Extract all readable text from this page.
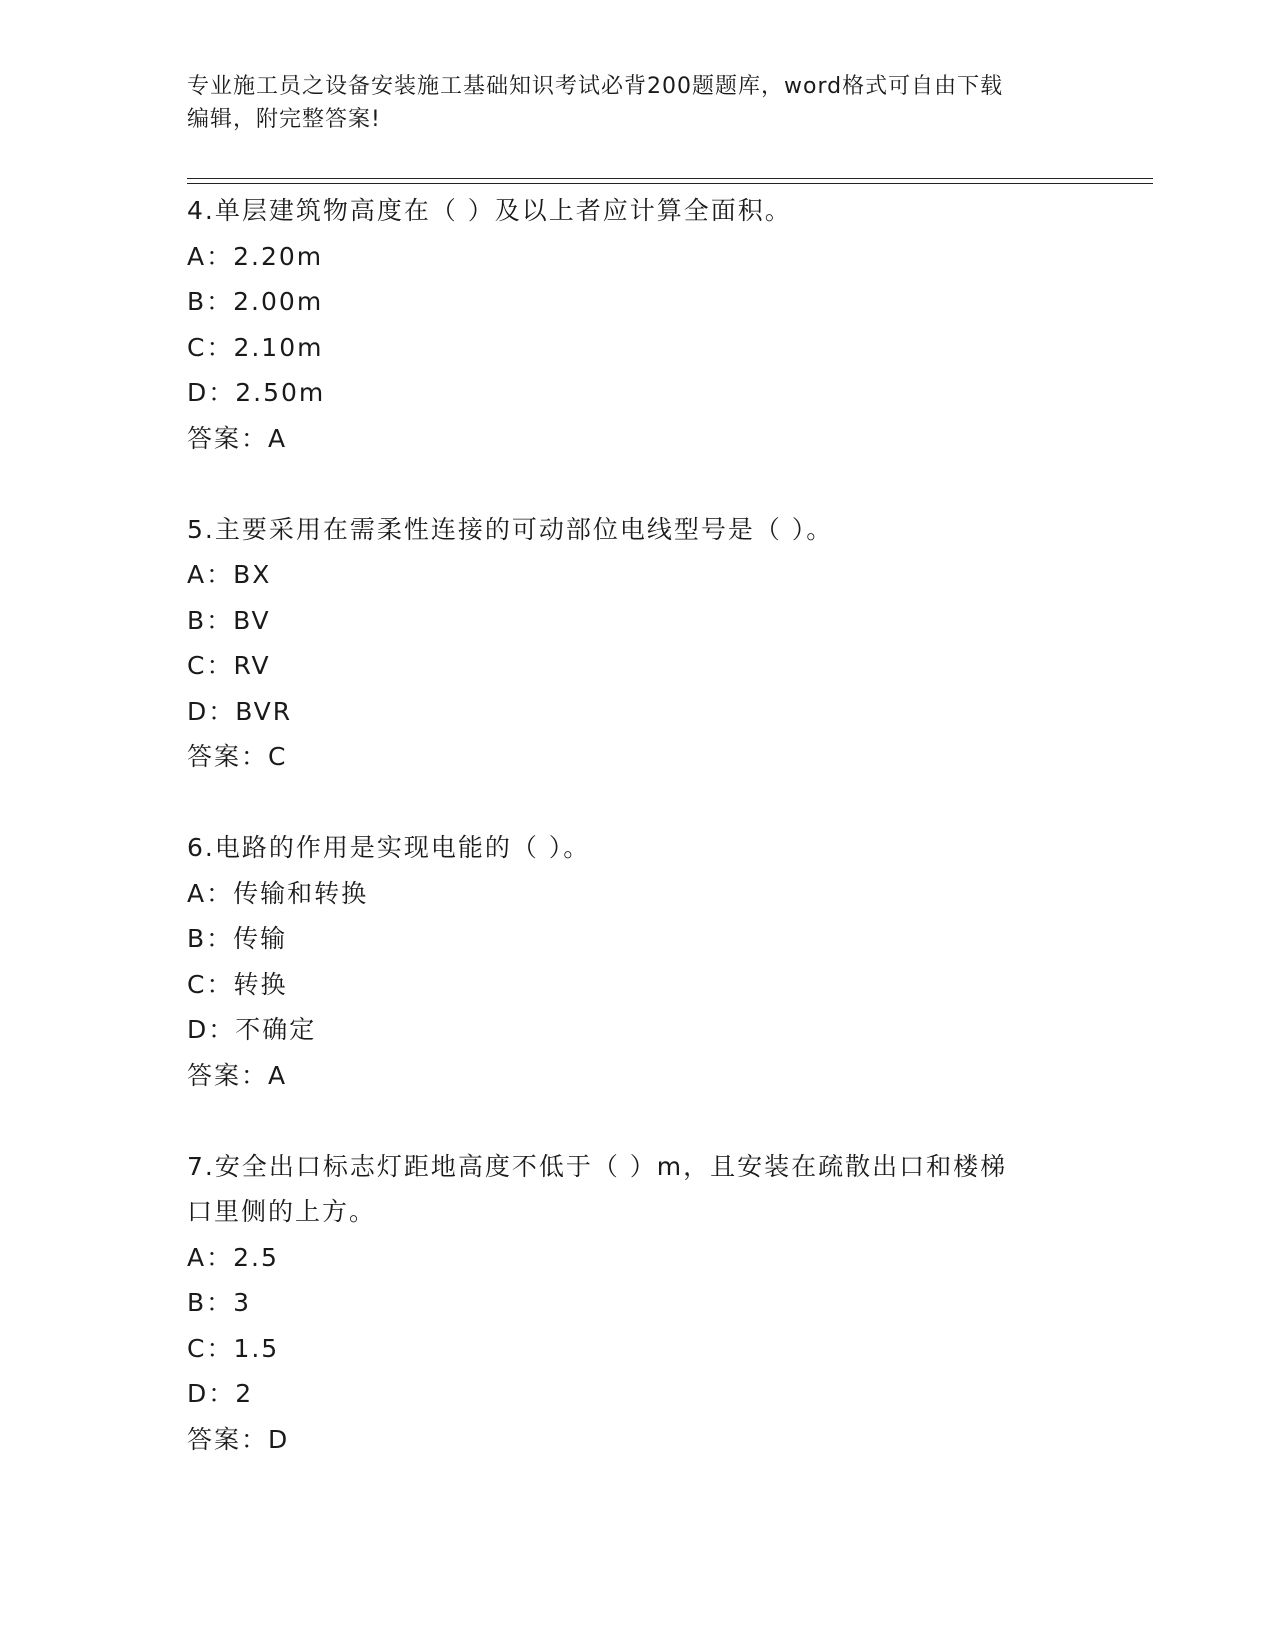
专业施工员之设备安装施工基础知识考试必背200题题库，word格式可自由下载
编辑，附完整答案!
4.单层建筑物高度在（ ）及以上者应计算全面积。
A：2.20m
B：2.00m
C：2.10m
D：2.50m
答案：A
5.主要采用在需柔性连接的可动部位电线型号是（ ）。
A：BX
B：BV
C：RV
D：BVR
答案：C
6.电路的作用是实现电能的（ ）。
A：传输和转换
B：传输
C：转换
D：不确定
答案：A
7.安全出口标志灯距地高度不低于（ ）m，且安装在疏散出口和楼梯
口里侧的上方。
A：2.5
B：3
C：1.5
D：2
答案：D
